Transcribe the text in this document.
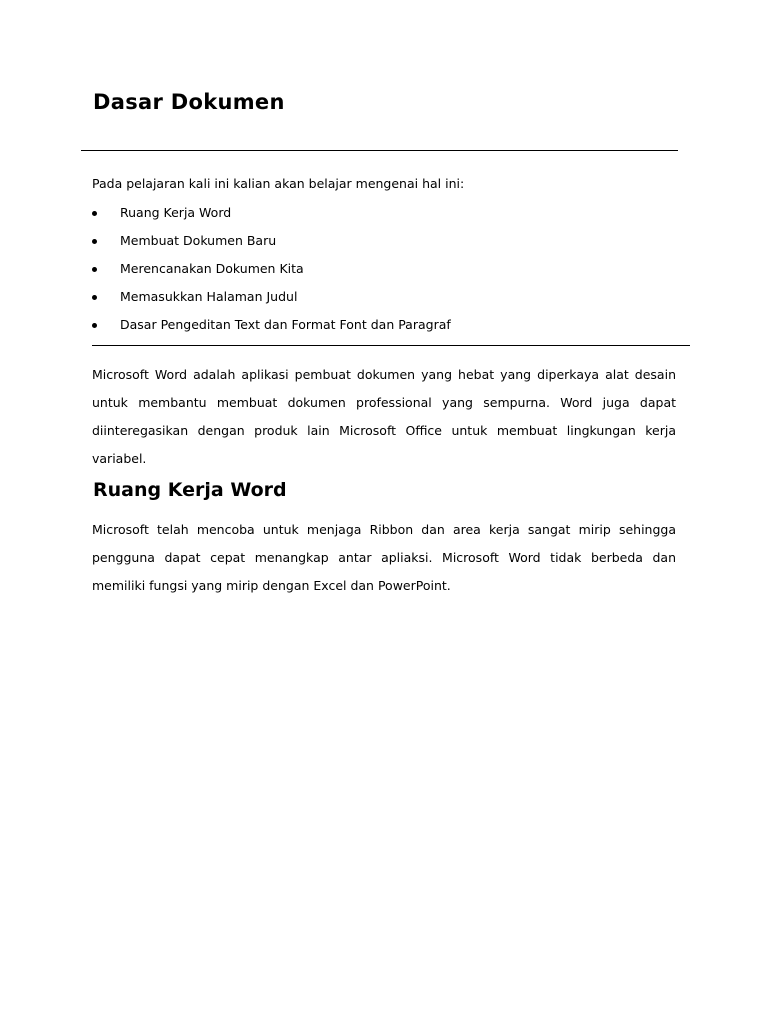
Dasar Dokumen

Pada pelajaran kali ini kalian akan belajar mengenai hal ini:

Ruang Kerja Word
Membuat Dokumen Baru
Merencanakan Dokumen Kita
Memasukkan Halaman Judul
Dasar Pengeditan Text dan Format Font dan Paragraf

Microsoft Word adalah aplikasi pembuat dokumen yang hebat yang diperkaya alat desain untuk membantu membuat dokumen professional yang sempurna. Word juga dapat diinteregasikan dengan produk lain Microsoft Office untuk membuat lingkungan kerja variabel.

Ruang Kerja Word

Microsoft telah mencoba untuk menjaga Ribbon dan area kerja sangat mirip sehingga pengguna dapat cepat menangkap antar apliaksi. Microsoft Word tidak berbeda dan memiliki fungsi yang mirip dengan Excel dan PowerPoint.
